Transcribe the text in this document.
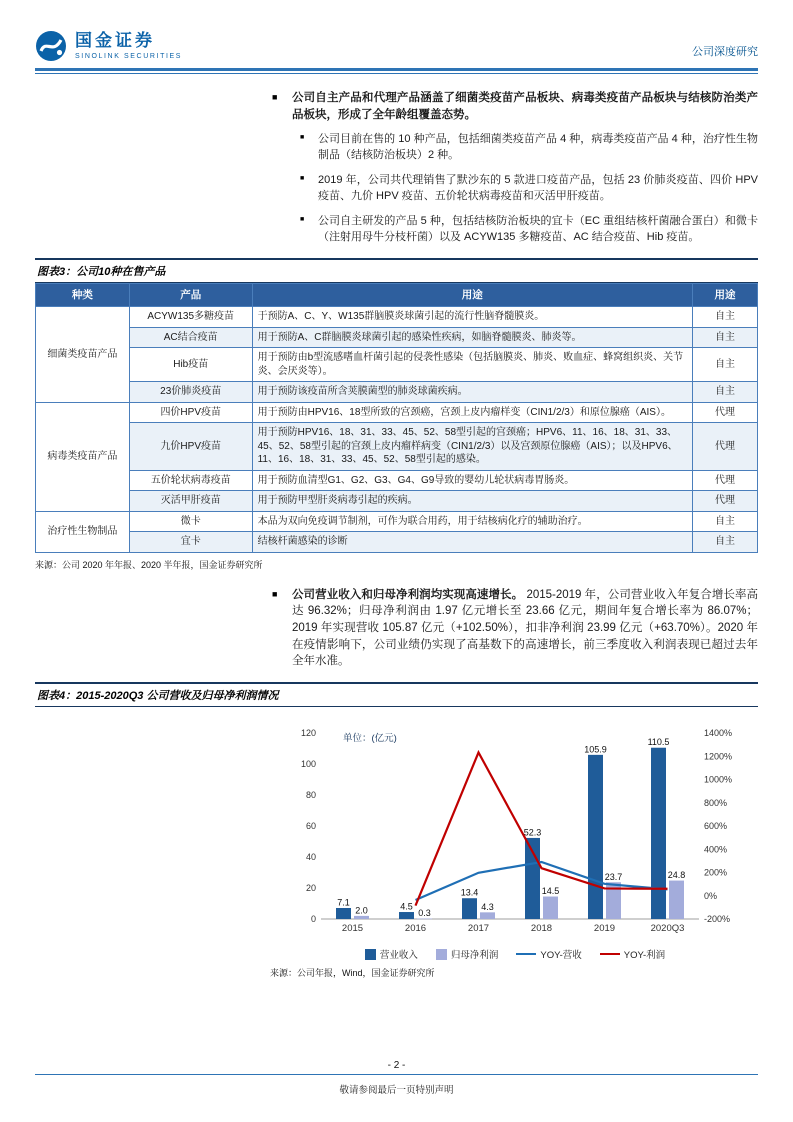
国金证券
SINOLINK SECURITIES	公司深度研究
■ 公司自主产品和代理产品涵盖了细菌类疫苗产品板块、病毒类疫苗产品板块与结核防治类产品板块，形成了全年龄组覆盖态势。
■ 公司目前在售的 10 种产品，包括细菌类疫苗产品 4 种，病毒类疫苗产品 4 种，治疗性生物制品（结核防治板块）2 种。
■ 2019 年，公司共代理销售了默沙东的 5 款进口疫苗产品，包括 23 价肺炎疫苗、四价 HPV 疫苗、九价 HPV 疫苗、五价轮状病毒疫苗和灭活甲肝疫苗。
■ 公司自主研发的产品 5 种，包括结核防治板块的宜卡（EC 重组结核杆菌融合蛋白）和微卡（注射用母牛分枝杆菌）以及 ACYW135 多糖疫苗、AC 结合疫苗、Hib 疫苗。
图表3：公司10种在售产品
种类	产品	用途	用途
细菌类疫苗产品	ACYW135多糖疫苗	于预防A、C、Y、W135群脑膜炎球菌引起的流行性脑脊髓膜炎。	自主
	AC结合疫苗	用于预防A、C群脑膜炎球菌引起的感染性疾病，如脑脊髓膜炎、肺炎等。	自主
	Hib疫苗	用于预防由b型流感嗜血杆菌引起的侵袭性感染（包括脑膜炎、肺炎、败血症、蜂窝组织炎、关节炎、会厌炎等）。	自主
	23价肺炎疫苗	用于预防该疫苗所含荚膜菌型的肺炎球菌疾病。	自主
病毒类疫苗产品	四价HPV疫苗	用于预防由HPV16、18型所致的宫颈癌，宫颈上皮内瘤样变（CIN1/2/3）和原位腺癌（AIS）。	代理
	九价HPV疫苗	用于预防HPV16、18、31、33、45、52、58型引起的宫颈癌；HPV6、11、16、18、31、33、45、52、58型引起的宫颈上皮内瘤样病变（CIN1/2/3）以及宫颈原位腺癌（AIS）；以及HPV6、11、16、18、31、33、45、52、58型引起的感染。	代理
	五价轮状病毒疫苗	用于预防血清型G1、G2、G3、G4、G9导致的婴幼儿轮状病毒胃肠炎。	代理
	灭活甲肝疫苗	用于预防甲型肝炎病毒引起的疾病。	代理
治疗性生物制品	微卡	本品为双向免疫调节制剂，可作为联合用药，用于结核病化疗的辅助治疗。	自主
	宜卡	结核杆菌感染的诊断	自主
来源：公司 2020 年年报、2020 半年报，国金证券研究所
■ 公司营业收入和归母净利润均实现高速增长。 2015-2019 年，公司营业收入年复合增长率高达 96.32%；归母净利润由 1.97 亿元增长至 23.66 亿元，期间年复合增长率为 86.07%；2019 年实现营收 105.87 亿元（+102.50%），扣非净利润 23.99 亿元（+63.70%）。2020 年在疫情影响下，公司业绩仍实现了高基数下的高速增长，前三季度收入利润表现已超过去年全年水准。
图表4：2015-2020Q3 公司营收及归母净利润情况
0
20
40
60
80
100
120
-200%
0%
200%
400%
600%
800%
1000%
1200%
1400%
2015	2016	2017	2018	2019	2020Q3
单位：(亿元)
7.1	4.5
13.4
52.3
105.9
110.5
2.0	0.3
4.3
14.5
23.7	24.8
营业收入	归母净利润	YOY-营收	YOY-利润
来源：公司年报，Wind，国金证券研究所
- 2 -
敬请参阅最后一页特别声明
